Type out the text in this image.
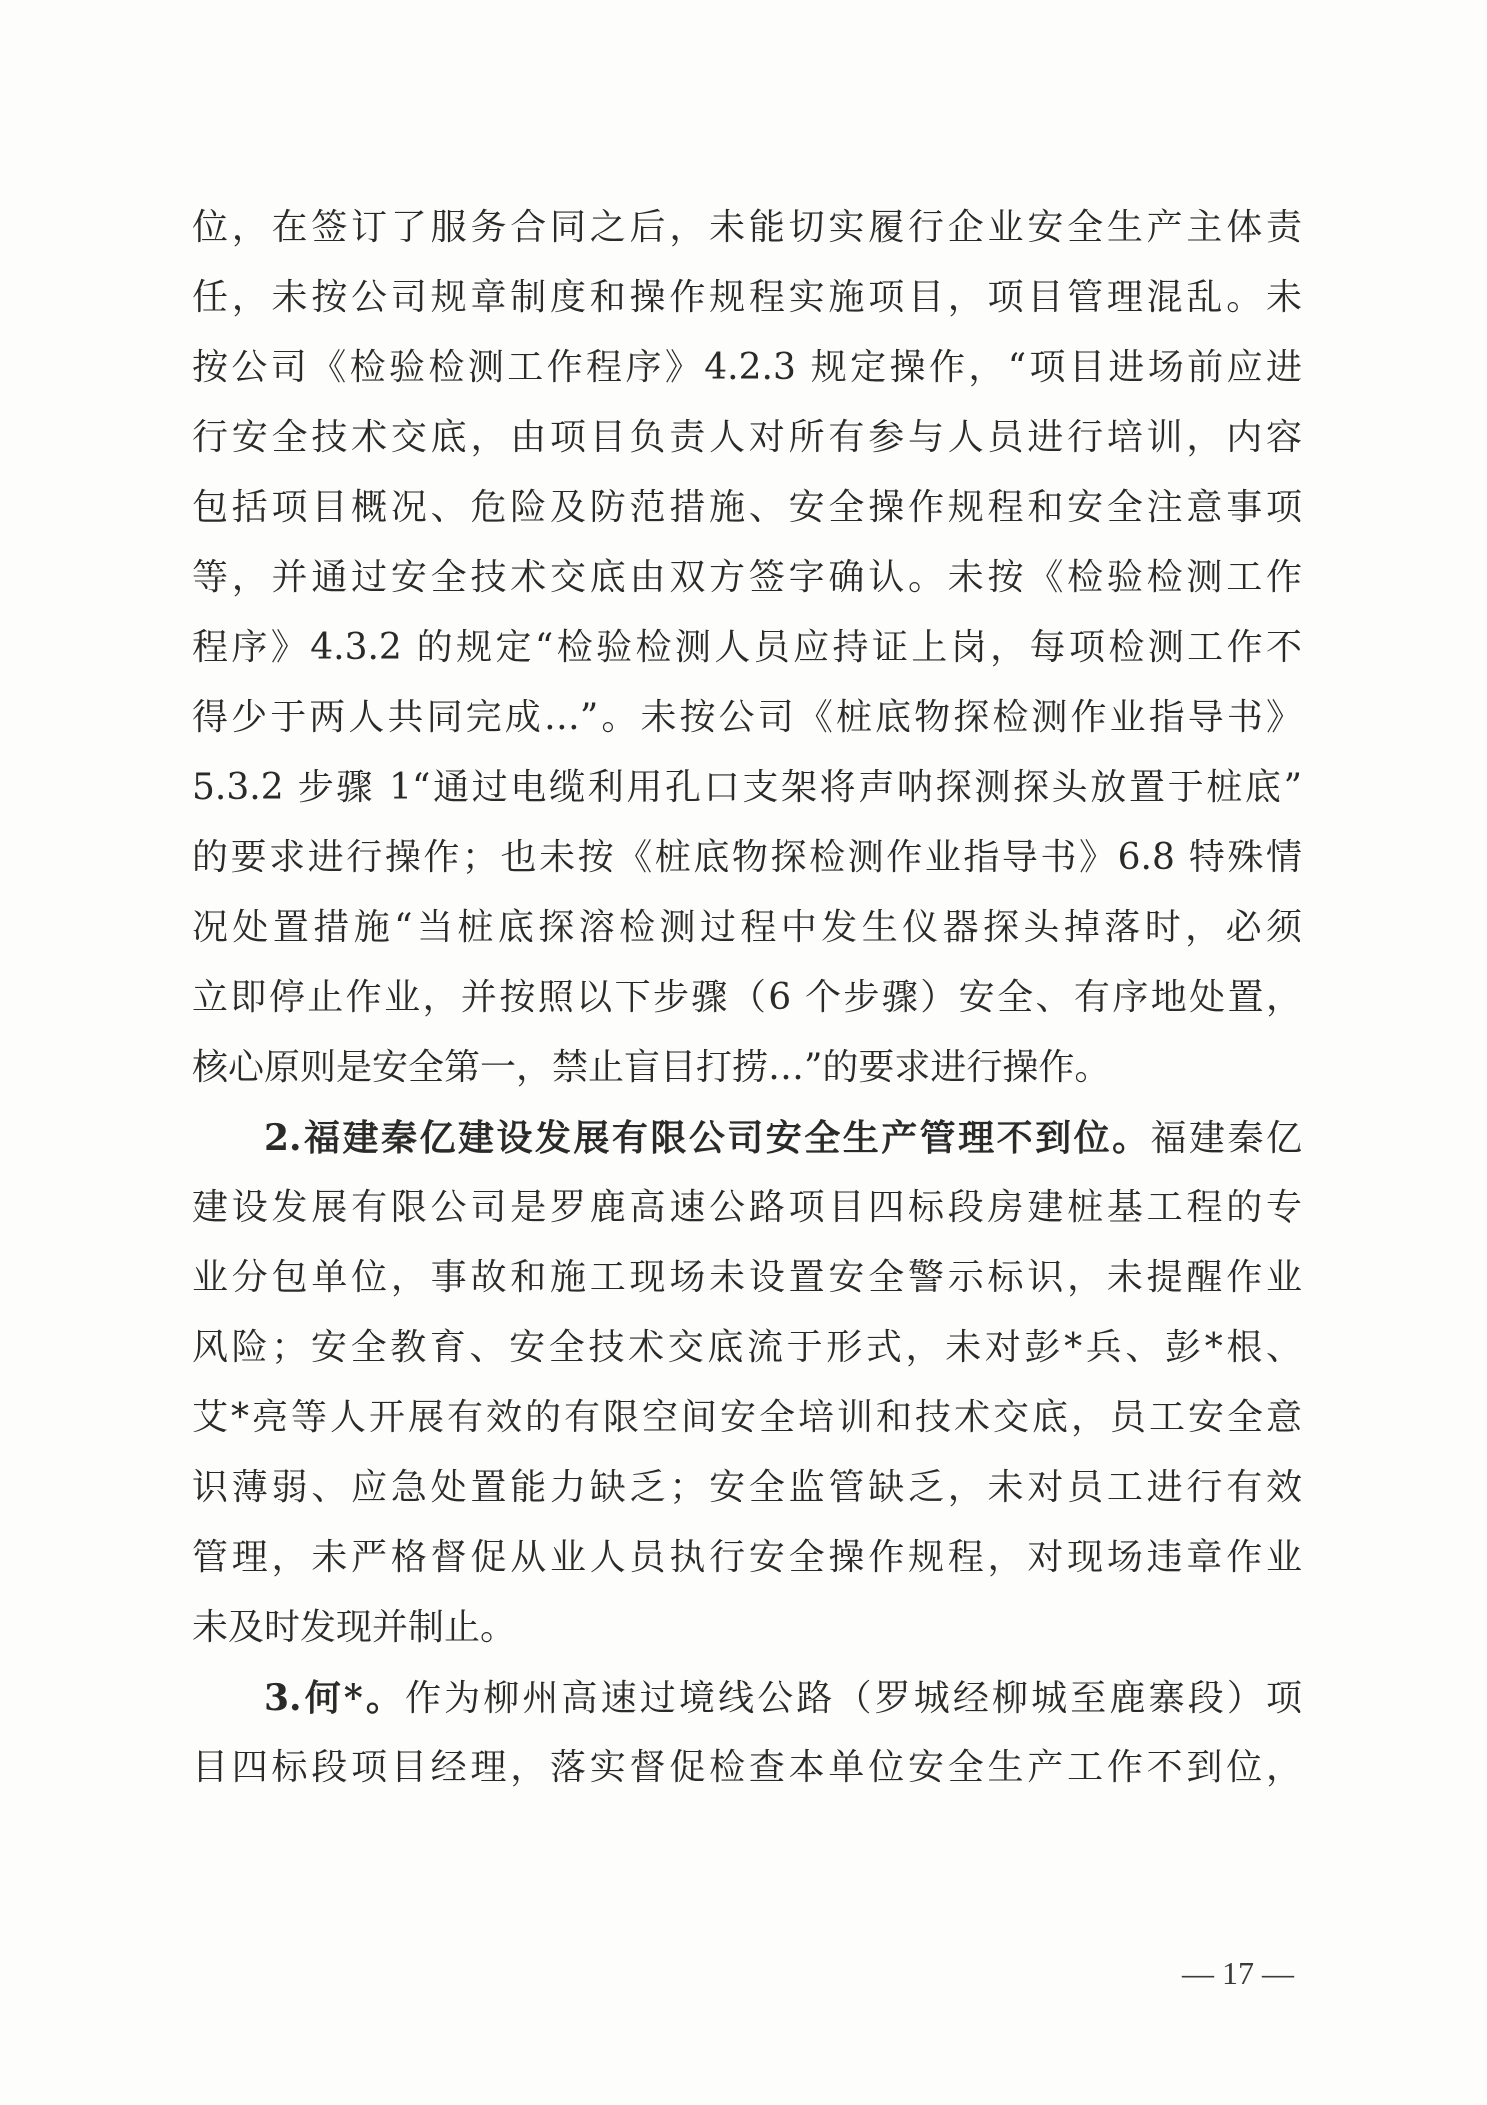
位，在签订了服务合同之后，未能切实履行企业安全生产主体责
任，未按公司规章制度和操作规程实施项目，项目管理混乱。未
按公司《检验检测工作程序》4.2.3 规定操作，“项目进场前应进
行安全技术交底，由项目负责人对所有参与人员进行培训，内容
包括项目概况、危险及防范措施、安全操作规程和安全注意事项
等，并通过安全技术交底由双方签字确认。未按《检验检测工作
程序》4.3.2 的规定“检验检测人员应持证上岗，每项检测工作不
得少于两人共同完成…”。未按公司《桩底物探检测作业指导书》
5.3.2 步骤 1“通过电缆利用孔口支架将声呐探测探头放置于桩底”
的要求进行操作；也未按《桩底物探检测作业指导书》6.8 特殊情
况处置措施“当桩底探溶检测过程中发生仪器探头掉落时，必须
立即停止作业，并按照以下步骤（6 个步骤）安全、有序地处置，
核心原则是安全第一，禁止盲目打捞…”的要求进行操作。
2.福建秦亿建设发展有限公司安全生产管理不到位。福建秦亿
建设发展有限公司是罗鹿高速公路项目四标段房建桩基工程的专
业分包单位，事故和施工现场未设置安全警示标识，未提醒作业
风险；安全教育、安全技术交底流于形式，未对彭*兵、彭*根、
艾*亮等人开展有效的有限空间安全培训和技术交底，员工安全意
识薄弱、应急处置能力缺乏；安全监管缺乏，未对员工进行有效
管理，未严格督促从业人员执行安全操作规程，对现场违章作业
未及时发现并制止。
3.何*。作为柳州高速过境线公路（罗城经柳城至鹿寨段）项
目四标段项目经理，落实督促检查本单位安全生产工作不到位，
— 17 —
